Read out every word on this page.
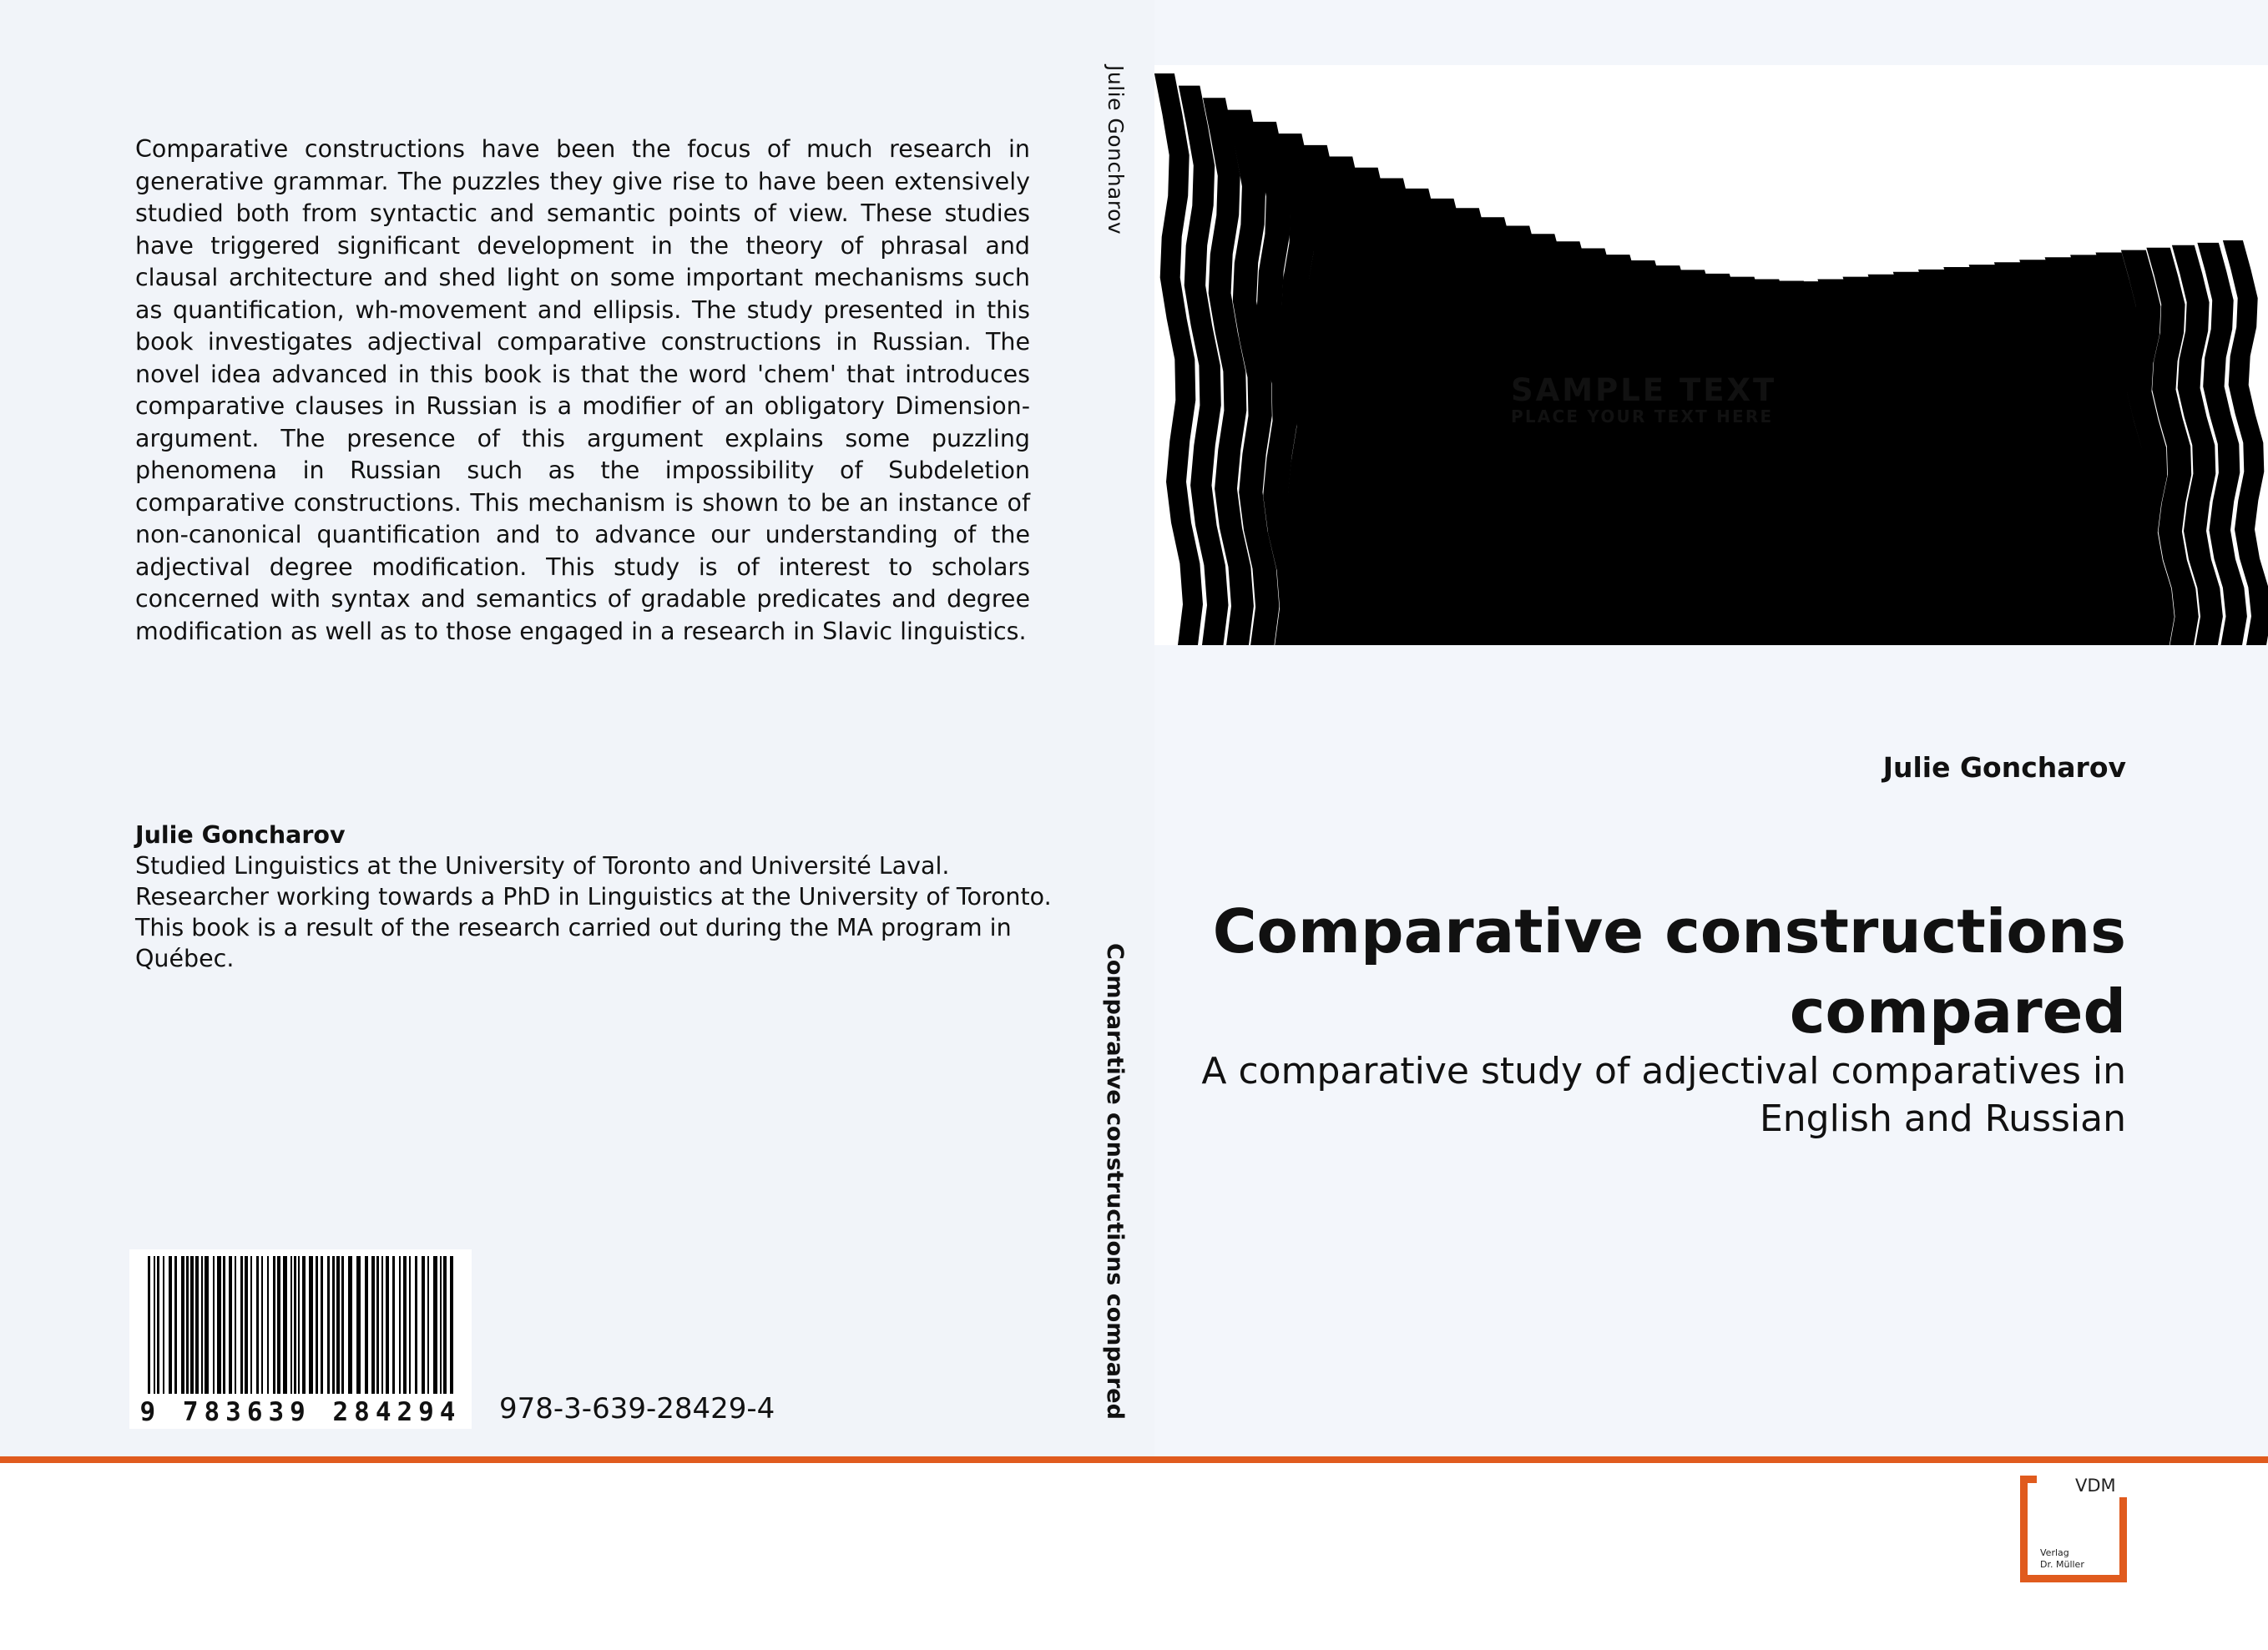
Comparative constructions have been the focus of much research in generative grammar. The puzzles they give rise to have been extensively studied both from syntactic and semantic points of view. These studies have triggered significant development in the theory of phrasal and clausal architecture and shed light on some important mechanisms such as quantification, wh-movement and ellipsis. The study presented in this book investigates adjectival comparative constructions in Russian. The novel idea advanced in this book is that the word 'chem' that introduces comparative clauses in Russian is a modifier of an obligatory Dimension-argument. The presence of this argument explains some puzzling phenomena in Russian such as the impossibility of Subdeletion comparative constructions. This mechanism is shown to be an instance of non-canonical quantification and to advance our understanding of the adjectival degree modification. This study is of interest to scholars concerned with syntax and semantics of gradable predicates and degree modification as well as to those engaged in a research in Slavic linguistics.

Julie Goncharov
Studied Linguistics at the University of Toronto and Université Laval.
Researcher working towards a PhD in Linguistics at the University of Toronto.
This book is a result of the research carried out during the MA program in
Québec.
9 783639 284294 978-3-639-28429-4
Julie Goncharov
Comparative constructions compared
SAMPLE TEXT
PLACE YOUR TEXT HERE
Julie Goncharov

Comparative constructions compared

A comparative study of adjectival comparatives in English and Russian

VDM
Verlag
Dr. Müller
